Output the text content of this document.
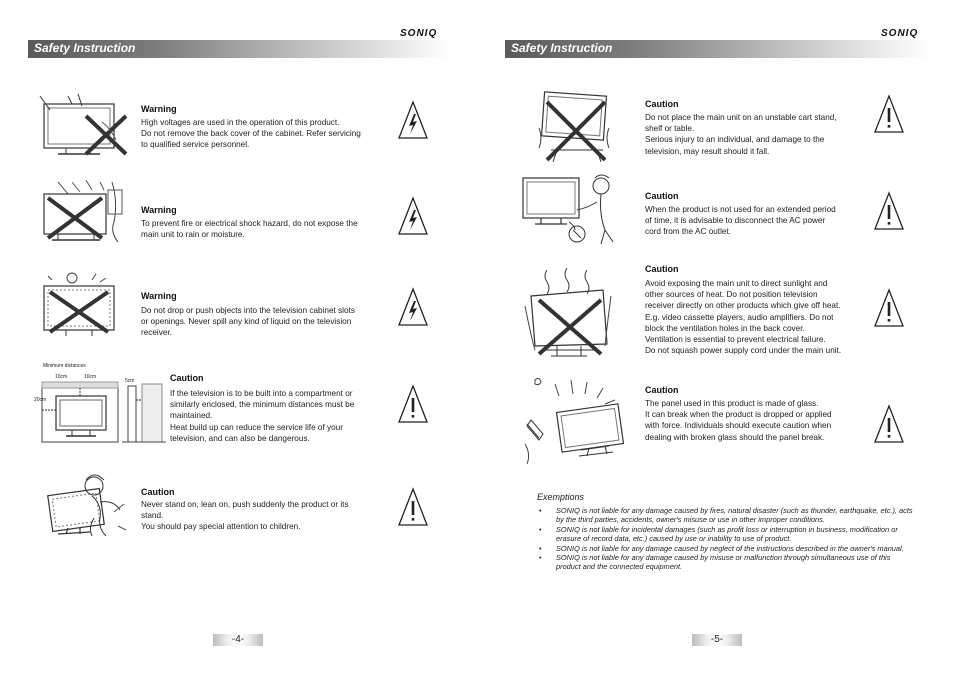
SONIQ
Safety Instruction
Warning
High voltages are used in the operation of this product.
Do not remove the back cover of the cabinet. Refer servicing
to qualified service personnel.
Warning
To prevent fire or electrical shock hazard, do not expose the
main unit to rain or moisture.
Warning
Do not drop or push objects into the television cabinet slots
or openings. Never spill any kind of liquid on the television
receiver.
Minimum distances
10cm	10cm
5cm
20cm
Caution
If the television is to be built into a compartment or
similarly enclosed, the minimum distances must be
maintained.
Heat build up can reduce the service life of your
television, and can also be dangerous.
Caution
Never stand on, lean on, push suddenly the product or its
stand.
You should pay special attention to children.
-4-
SONIQ
Safety Instruction
Caution
Do not place the main unit on an unstable cart stand,
shelf or table.
Serious injury to an individual, and damage to the
television, may result should it fall.
Caution
When the product is not used for an extended period
of time, it is advisable to disconnect the AC power
cord from the AC outlet.
Caution
Avoid exposing the main unit to direct sunlight and
other sources of heat. Do not position television
receiver directly on other products which give off heat.
E.g. video cassette players, audio amplifiers. Do not
block the ventilation holes in the back cover.
Ventilation is essential to prevent electrical failure.
Do not squash power supply cord under the main unit.
Caution
The panel used in this product is made of glass.
It can break when the product is dropped or applied
with force. Individuals should execute caution when
dealing with broken glass should the panel break.
Exemptions
• SONIQ is not liable for any damage caused by fires, natural disaster (such as thunder, earthquake, etc.), acts by the third parties, accidents, owner's misuse or use in other improper conditions.
• SONIQ is not liable for incidental damages (such as profit loss or interruption in business, modification or erasure of record data, etc.) caused by use or inability to use of product.
• SONIQ is not liable for any damage caused by neglect of the instructions described in the owner's manual.
• SONIQ is not liable for any damage caused by misuse or malfunction through simultaneous use of this product and the connected equipment.
-5-
